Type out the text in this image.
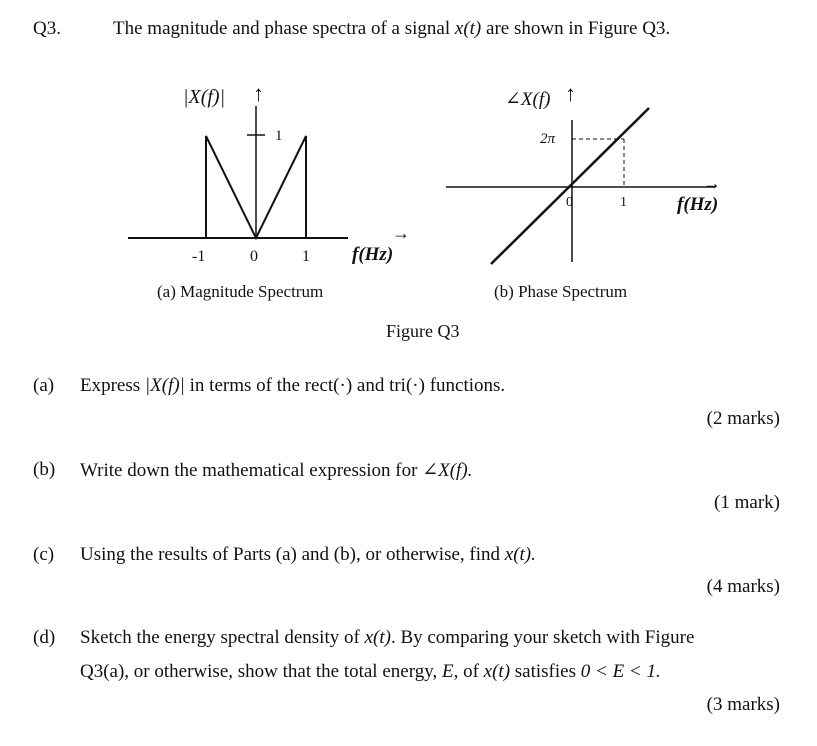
Q3.	The magnitude and phase spectra of a signal x(t) are shown in Figure Q3.
|X(f)| ↑
1
-1	0	1 f(Hz)
→
(a) Magnitude Spectrum
∠X(f) ↑
2π
0	1	f(Hz)
→
(b) Phase Spectrum
Figure Q3
(a) Express |X(f)| in terms of the rect(·) and tri(·) functions.
(2 marks)
(b) Write down the mathematical expression for ∠X(f).
(1 mark)
(c) Using the results of Parts (a) and (b), or otherwise, find x(t).
(4 marks)
(d) Sketch the energy spectral density of x(t). By comparing your sketch with Figure
Q3(a), or otherwise, show that the total energy, E, of x(t) satisfies 0 < E < 1.
(3 marks)
